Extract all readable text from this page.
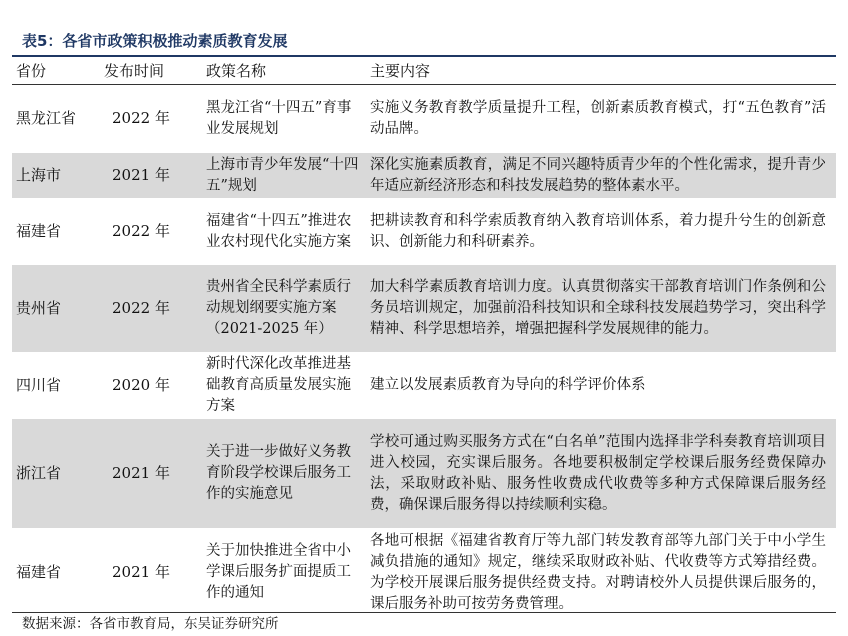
表5：各省市政策积极推动素质教育发展
省份	发布时间	政策名称	主要内容
黑龙江省	2022 年	黑龙江省“十四五”育事业发展规划	实施义务教育教学质量提升工程，创新素质教育模式，打“五色教育”活动品牌。
上海市	2021 年	上海市青少年发展“十四五”规划	深化实施素质教育，满足不同兴趣特质青少年的个性化需求，提升青少年适应新经济形态和科技发展趋势的整体素水平。
福建省	2022 年	福建省“十四五”推进农业农村现代化实施方案	把耕读教育和科学索质教育纳入教育培训体系，着力提升兮生的创新意识、创新能力和科研素养。
贵州省	2022 年	贵州省全民科学素质行动规划纲要实施方案（2021-2025 年）	加大科学素质教育培训力度。认真贯彻落实干部教育培训门作条例和公务员培训规定，加强前沿科技知识和全球科技发展趋势学习，突出科学精神、科学思想培养，增强把握科学发展规律的能力。
四川省	2020 年	新时代深化改革推进基础教育高质量发展实施方案	建立以发展素质教育为导向的科学评价体系
浙江省	2021 年	关于进一步做好义务教育阶段学校课后服务工作的实施意见	学校可通过购买服务方式在“白名单”范围内选择非学科奏教育培训项目进入校园，充实课后服务。各地要积极制定学校课后服务经费保障办法，采取财政补贴、服务性收费成代收费等多种方式保障课后服务经费，确保课后服务得以持续顺利实稳。
福建省	2021 年	关于加快推进全省中小学课后服务扩面提质工作的通知	各地可根据《福建省教育厅等九部门转发教育部等九部门关于中小学生减负措施的通知》规定，继续采取财政补贴、代收费等方式筹措经费。为学校开展课后服务提供经费支持。对聘请校外人员提供课后服务的，课后服务补助可按劳务费管理。
数据来源：各省市教育局，东吴证券研究所
